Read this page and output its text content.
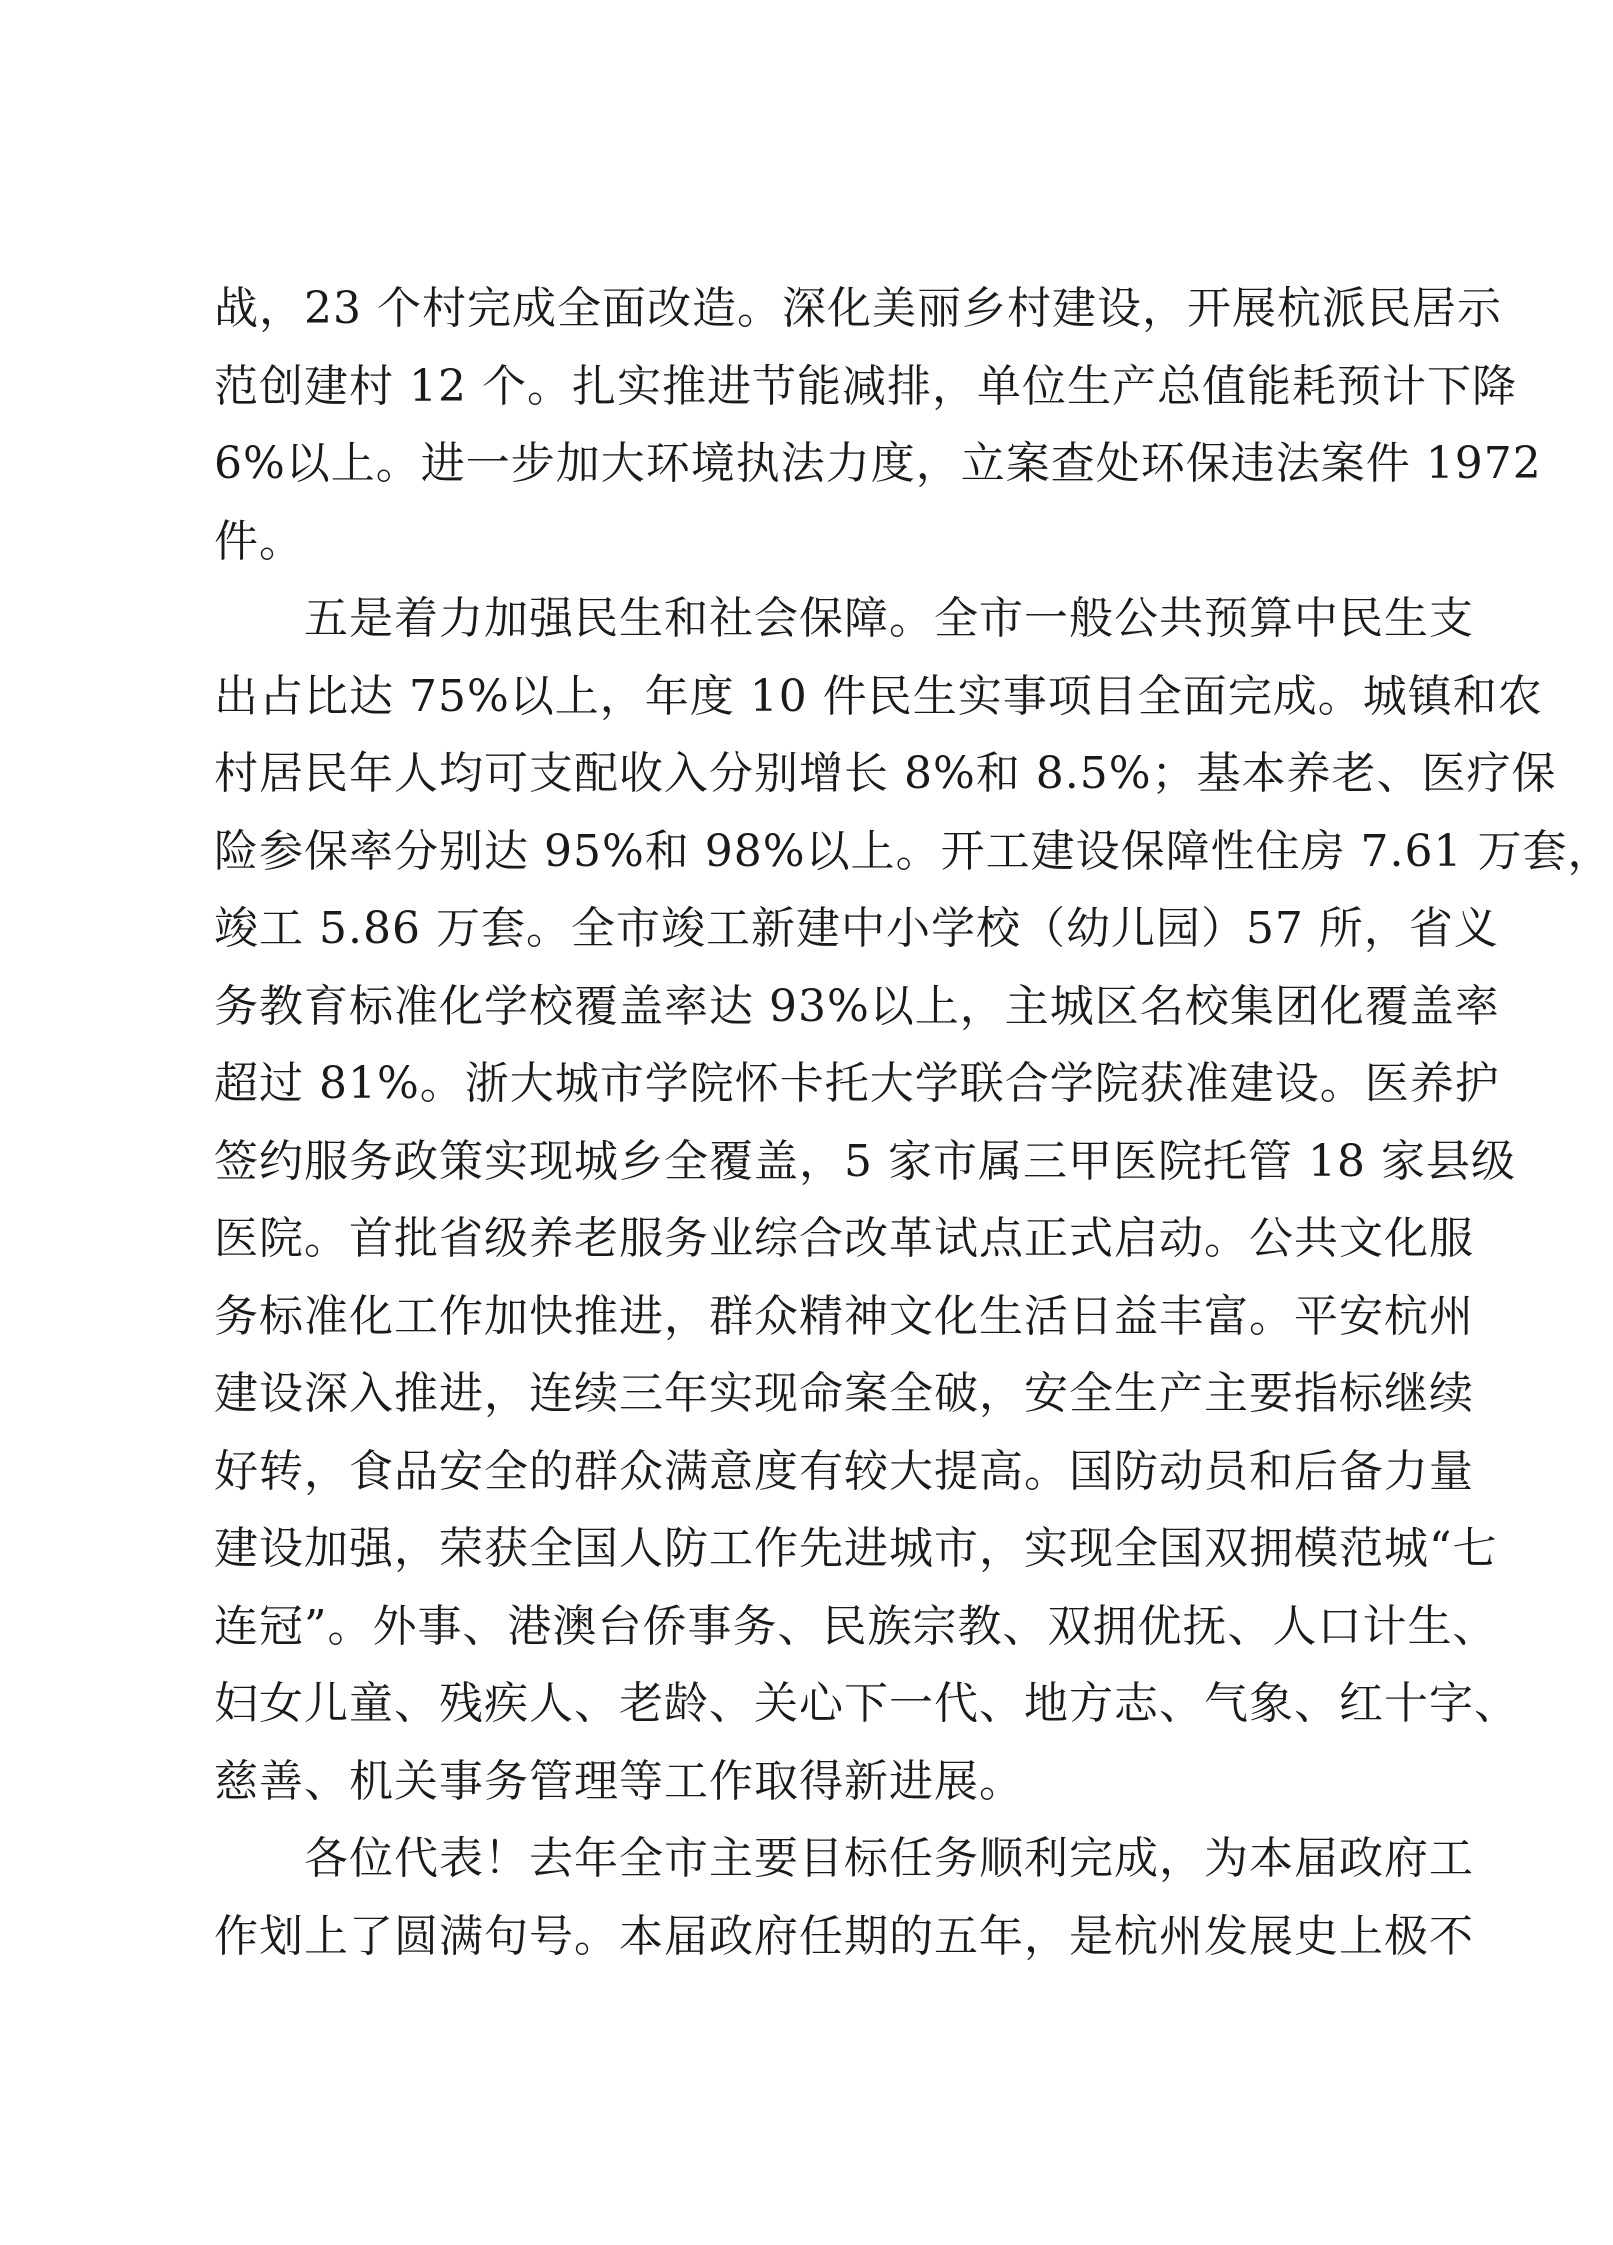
战，23 个村完成全面改造。深化美丽乡村建设，开展杭派民居示
范创建村 12 个。扎实推进节能减排，单位生产总值能耗预计下降
6%以上。进一步加大环境执法力度，立案查处环保违法案件 1972
件。
　　五是着力加强民生和社会保障。全市一般公共预算中民生支
出占比达 75%以上，年度 10 件民生实事项目全面完成。城镇和农
村居民年人均可支配收入分别增长 8%和 8.5%；基本养老、医疗保
险参保率分别达 95%和 98%以上。开工建设保障性住房 7.61 万套，
竣工 5.86 万套。全市竣工新建中小学校（幼儿园）57 所，省义
务教育标准化学校覆盖率达 93%以上，主城区名校集团化覆盖率
超过 81%。浙大城市学院怀卡托大学联合学院获准建设。医养护
签约服务政策实现城乡全覆盖，5 家市属三甲医院托管 18 家县级
医院。首批省级养老服务业综合改革试点正式启动。公共文化服
务标准化工作加快推进，群众精神文化生活日益丰富。平安杭州
建设深入推进，连续三年实现命案全破，安全生产主要指标继续
好转，食品安全的群众满意度有较大提高。国防动员和后备力量
建设加强，荣获全国人防工作先进城市，实现全国双拥模范城“七
连冠”。外事、港澳台侨事务、民族宗教、双拥优抚、人口计生、
妇女儿童、残疾人、老龄、关心下一代、地方志、气象、红十字、
慈善、机关事务管理等工作取得新进展。
　　各位代表！去年全市主要目标任务顺利完成，为本届政府工
作划上了圆满句号。本届政府任期的五年，是杭州发展史上极不
